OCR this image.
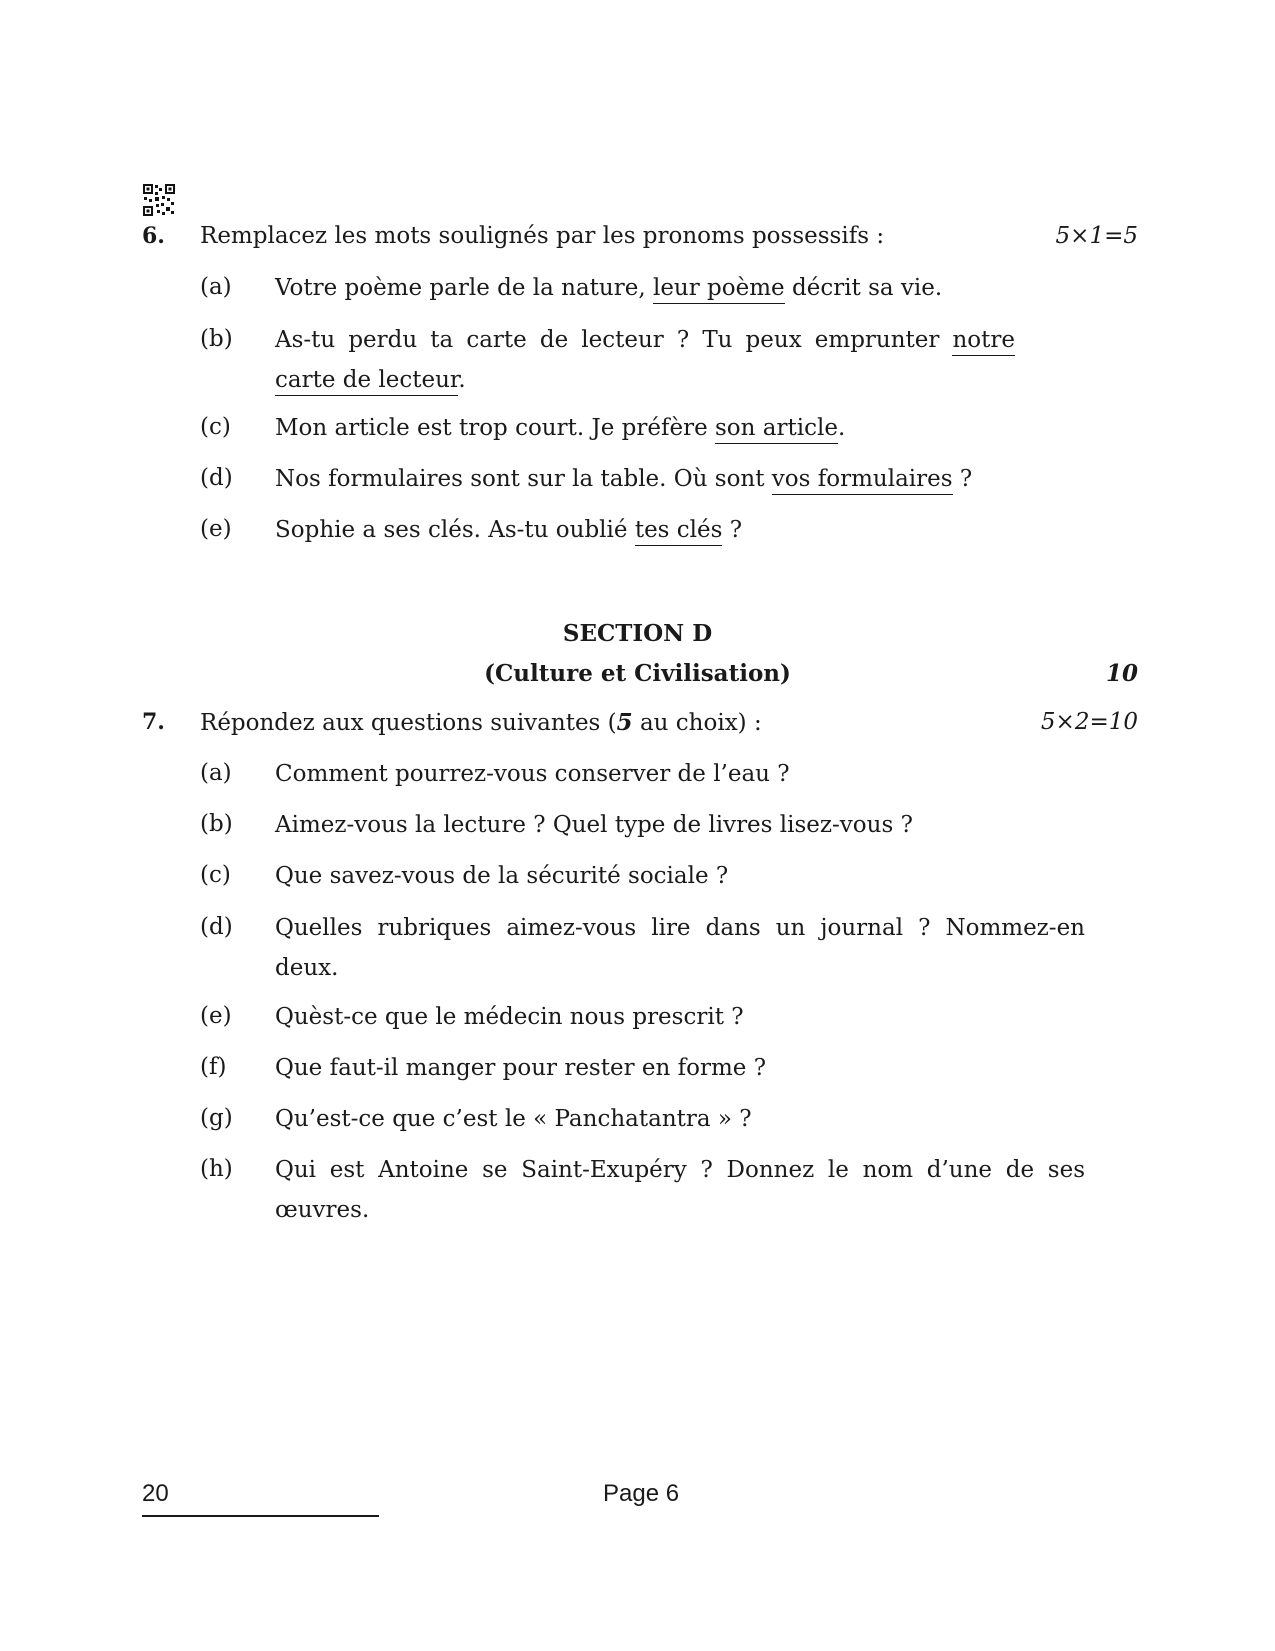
6. Remplacez les mots soulignés par les pronoms possessifs :	5×1=5
(a) Votre poème parle de la nature, leur poème décrit sa vie.
(b) As-tu perdu ta carte de lecteur ? Tu peux emprunter notre carte de lecteur.
(c) Mon article est trop court. Je préfère son article.
(d) Nos formulaires sont sur la table. Où sont vos formulaires ?
(e) Sophie a ses clés. As-tu oublié tes clés ?
SECTION D
(Culture et Civilisation)	10
7. Répondez aux questions suivantes (5 au choix) :	5×2=10
(a) Comment pourrez-vous conserver de l’eau ?
(b) Aimez-vous la lecture ? Quel type de livres lisez-vous ?
(c) Que savez-vous de la sécurité sociale ?
(d) Quelles rubriques aimez-vous lire dans un journal ? Nommez-en deux.
(e) Quèst-ce que le médecin nous prescrit ?
(f) Que faut-il manger pour rester en forme ?
(g) Qu’est-ce que c’est le « Panchatantra » ?
(h) Qui est Antoine se Saint-Exupéry ? Donnez le nom d’une de ses œuvres.
20	Page 6
